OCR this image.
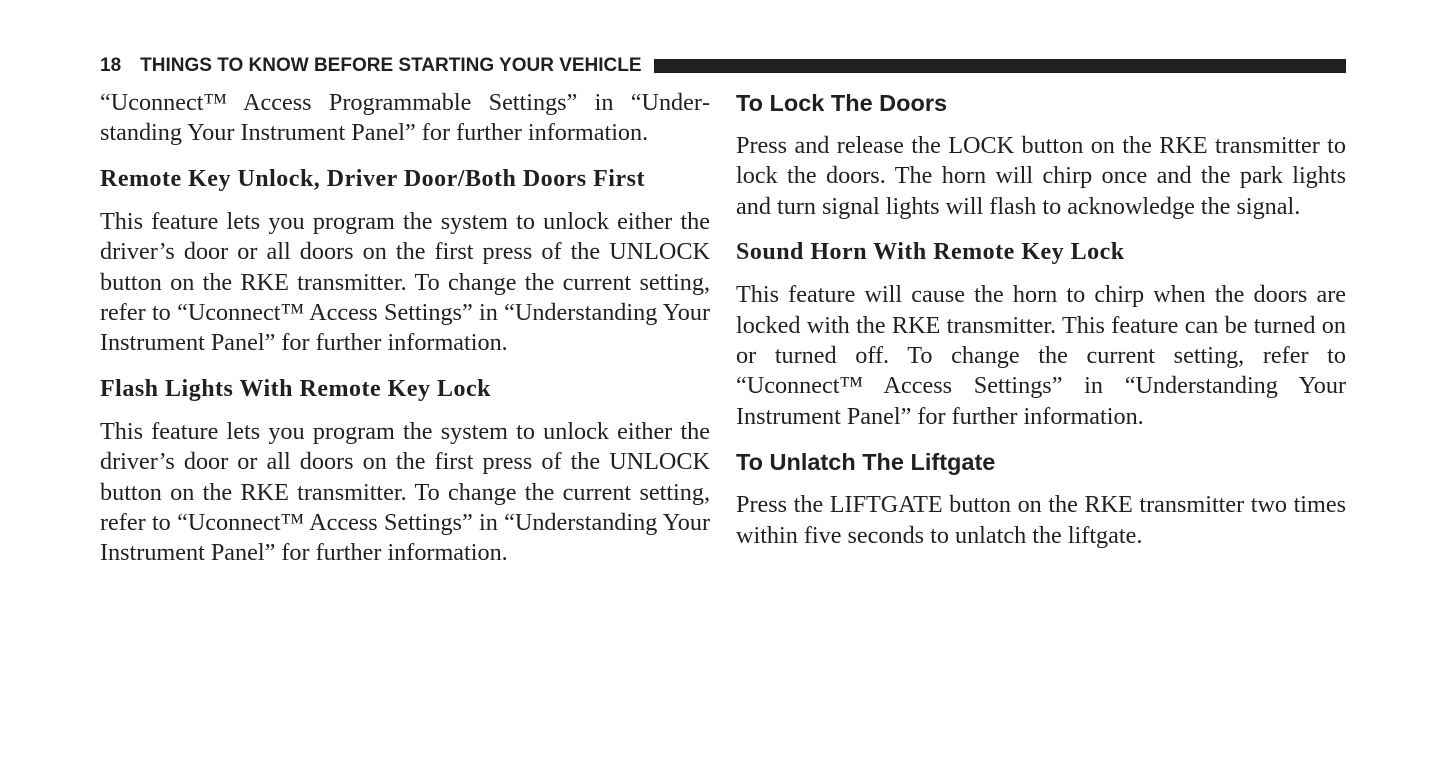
18 THINGS TO KNOW BEFORE STARTING YOUR VEHICLE

“Uconnect™ Access Programmable Settings” in “Understanding Your Instrument Panel” for further information.

Remote Key Unlock, Driver Door/Both Doors First

This feature lets you program the system to unlock either the driver’s door or all doors on the first press of the UNLOCK button on the RKE transmitter. To change the current setting, refer to “Uconnect™ Access Settings” in “Understanding Your Instrument Panel” for further information.

Flash Lights With Remote Key Lock

This feature lets you program the system to unlock either the driver’s door or all doors on the first press of the UNLOCK button on the RKE transmitter. To change the current setting, refer to “Uconnect™ Access Settings” in “Understanding Your Instrument Panel” for further information.

To Lock The Doors

Press and release the LOCK button on the RKE transmitter to lock the doors. The horn will chirp once and the park lights and turn signal lights will flash to acknowledge the signal.

Sound Horn With Remote Key Lock

This feature will cause the horn to chirp when the doors are locked with the RKE transmitter. This feature can be turned on or turned off. To change the current setting, refer to “Uconnect™ Access Settings” in “Understanding Your Instrument Panel” for further information.

To Unlatch The Liftgate

Press the LIFTGATE button on the RKE transmitter two times within five seconds to unlatch the liftgate.
